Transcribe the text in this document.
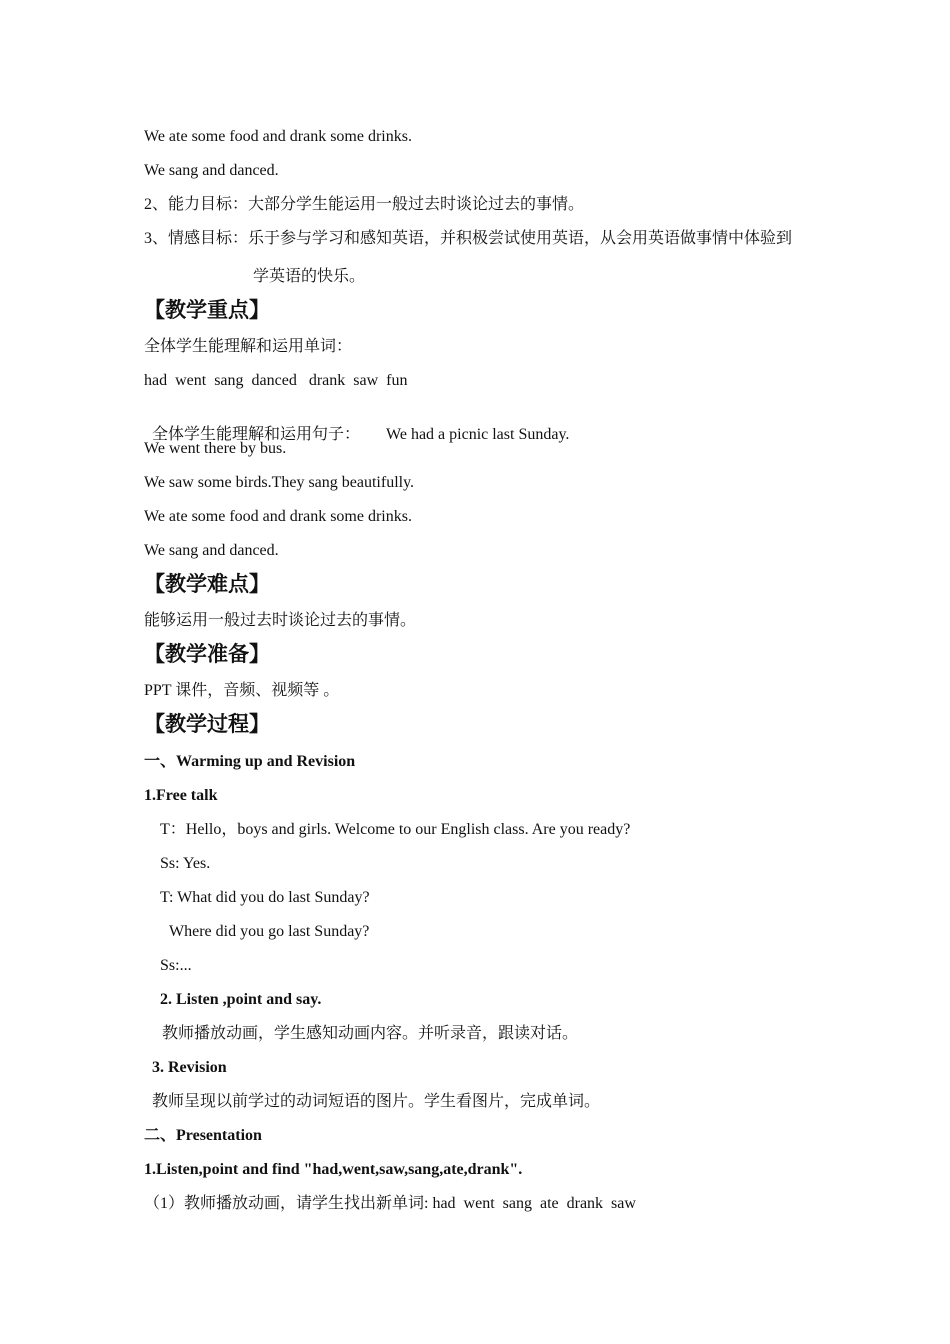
We ate some food and drank some drinks.
We sang and danced.
2、能力目标：大部分学生能运用一般过去时谈论过去的事情。
3、情感目标：乐于参与学习和感知英语，并积极尝试使用英语，从会用英语做事情中体验到
学英语的快乐。
【教学重点】
全体学生能理解和运用单词：
had  went  sang  danced   drank  saw  fun

全体学生能理解和运用句子： We had a picnic last Sunday.

We went there by bus.
We saw some birds.They sang beautifully.
We ate some food and drank some drinks.
We sang and danced.
【教学难点】
能够运用一般过去时谈论过去的事情。
【教学准备】
PPT 课件，音频、视频等 。
【教学过程】
一、Warming up and Revision
1.Free talk
T：Hello，boys and girls. Welcome to our English class. Are you ready?
Ss: Yes.
T: What did you do last Sunday?
Where did you go last Sunday?
Ss:...
2. Listen ,point and say.
教师播放动画，学生感知动画内容。并听录音，跟读对话。
3. Revision
教师呈现以前学过的动词短语的图片。学生看图片，完成单词。
二、Presentation
1.Listen,point and find "had,went,saw,sang,ate,drank".
（1）教师播放动画，请学生找出新单词: had  went  sang  ate  drank  saw
